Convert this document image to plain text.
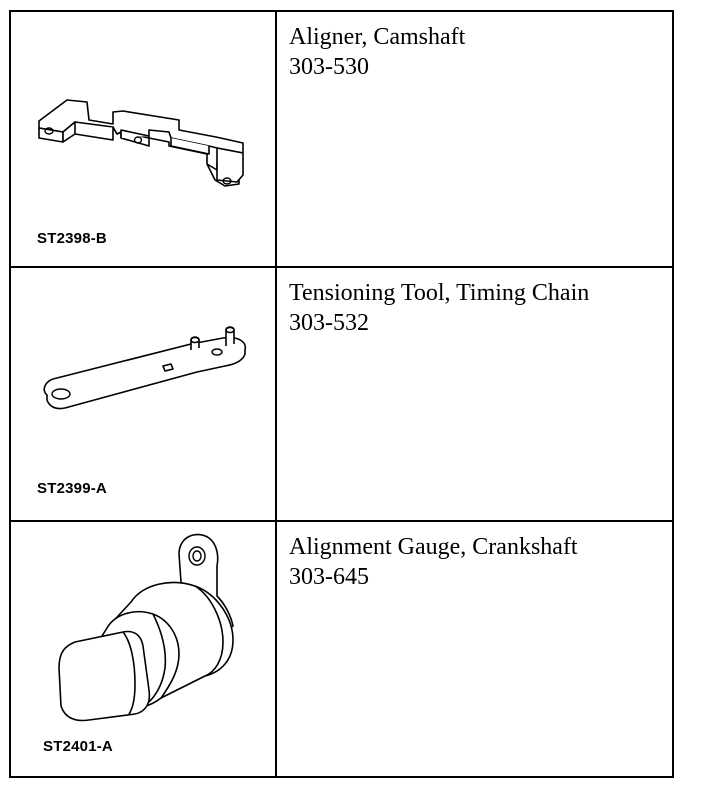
ST2398-B	Aligner, Camshaft
303-530

ST2399-A	Tensioning Tool, Timing Chain
303-532

ST2401-A	Alignment Gauge, Crankshaft
303-645
